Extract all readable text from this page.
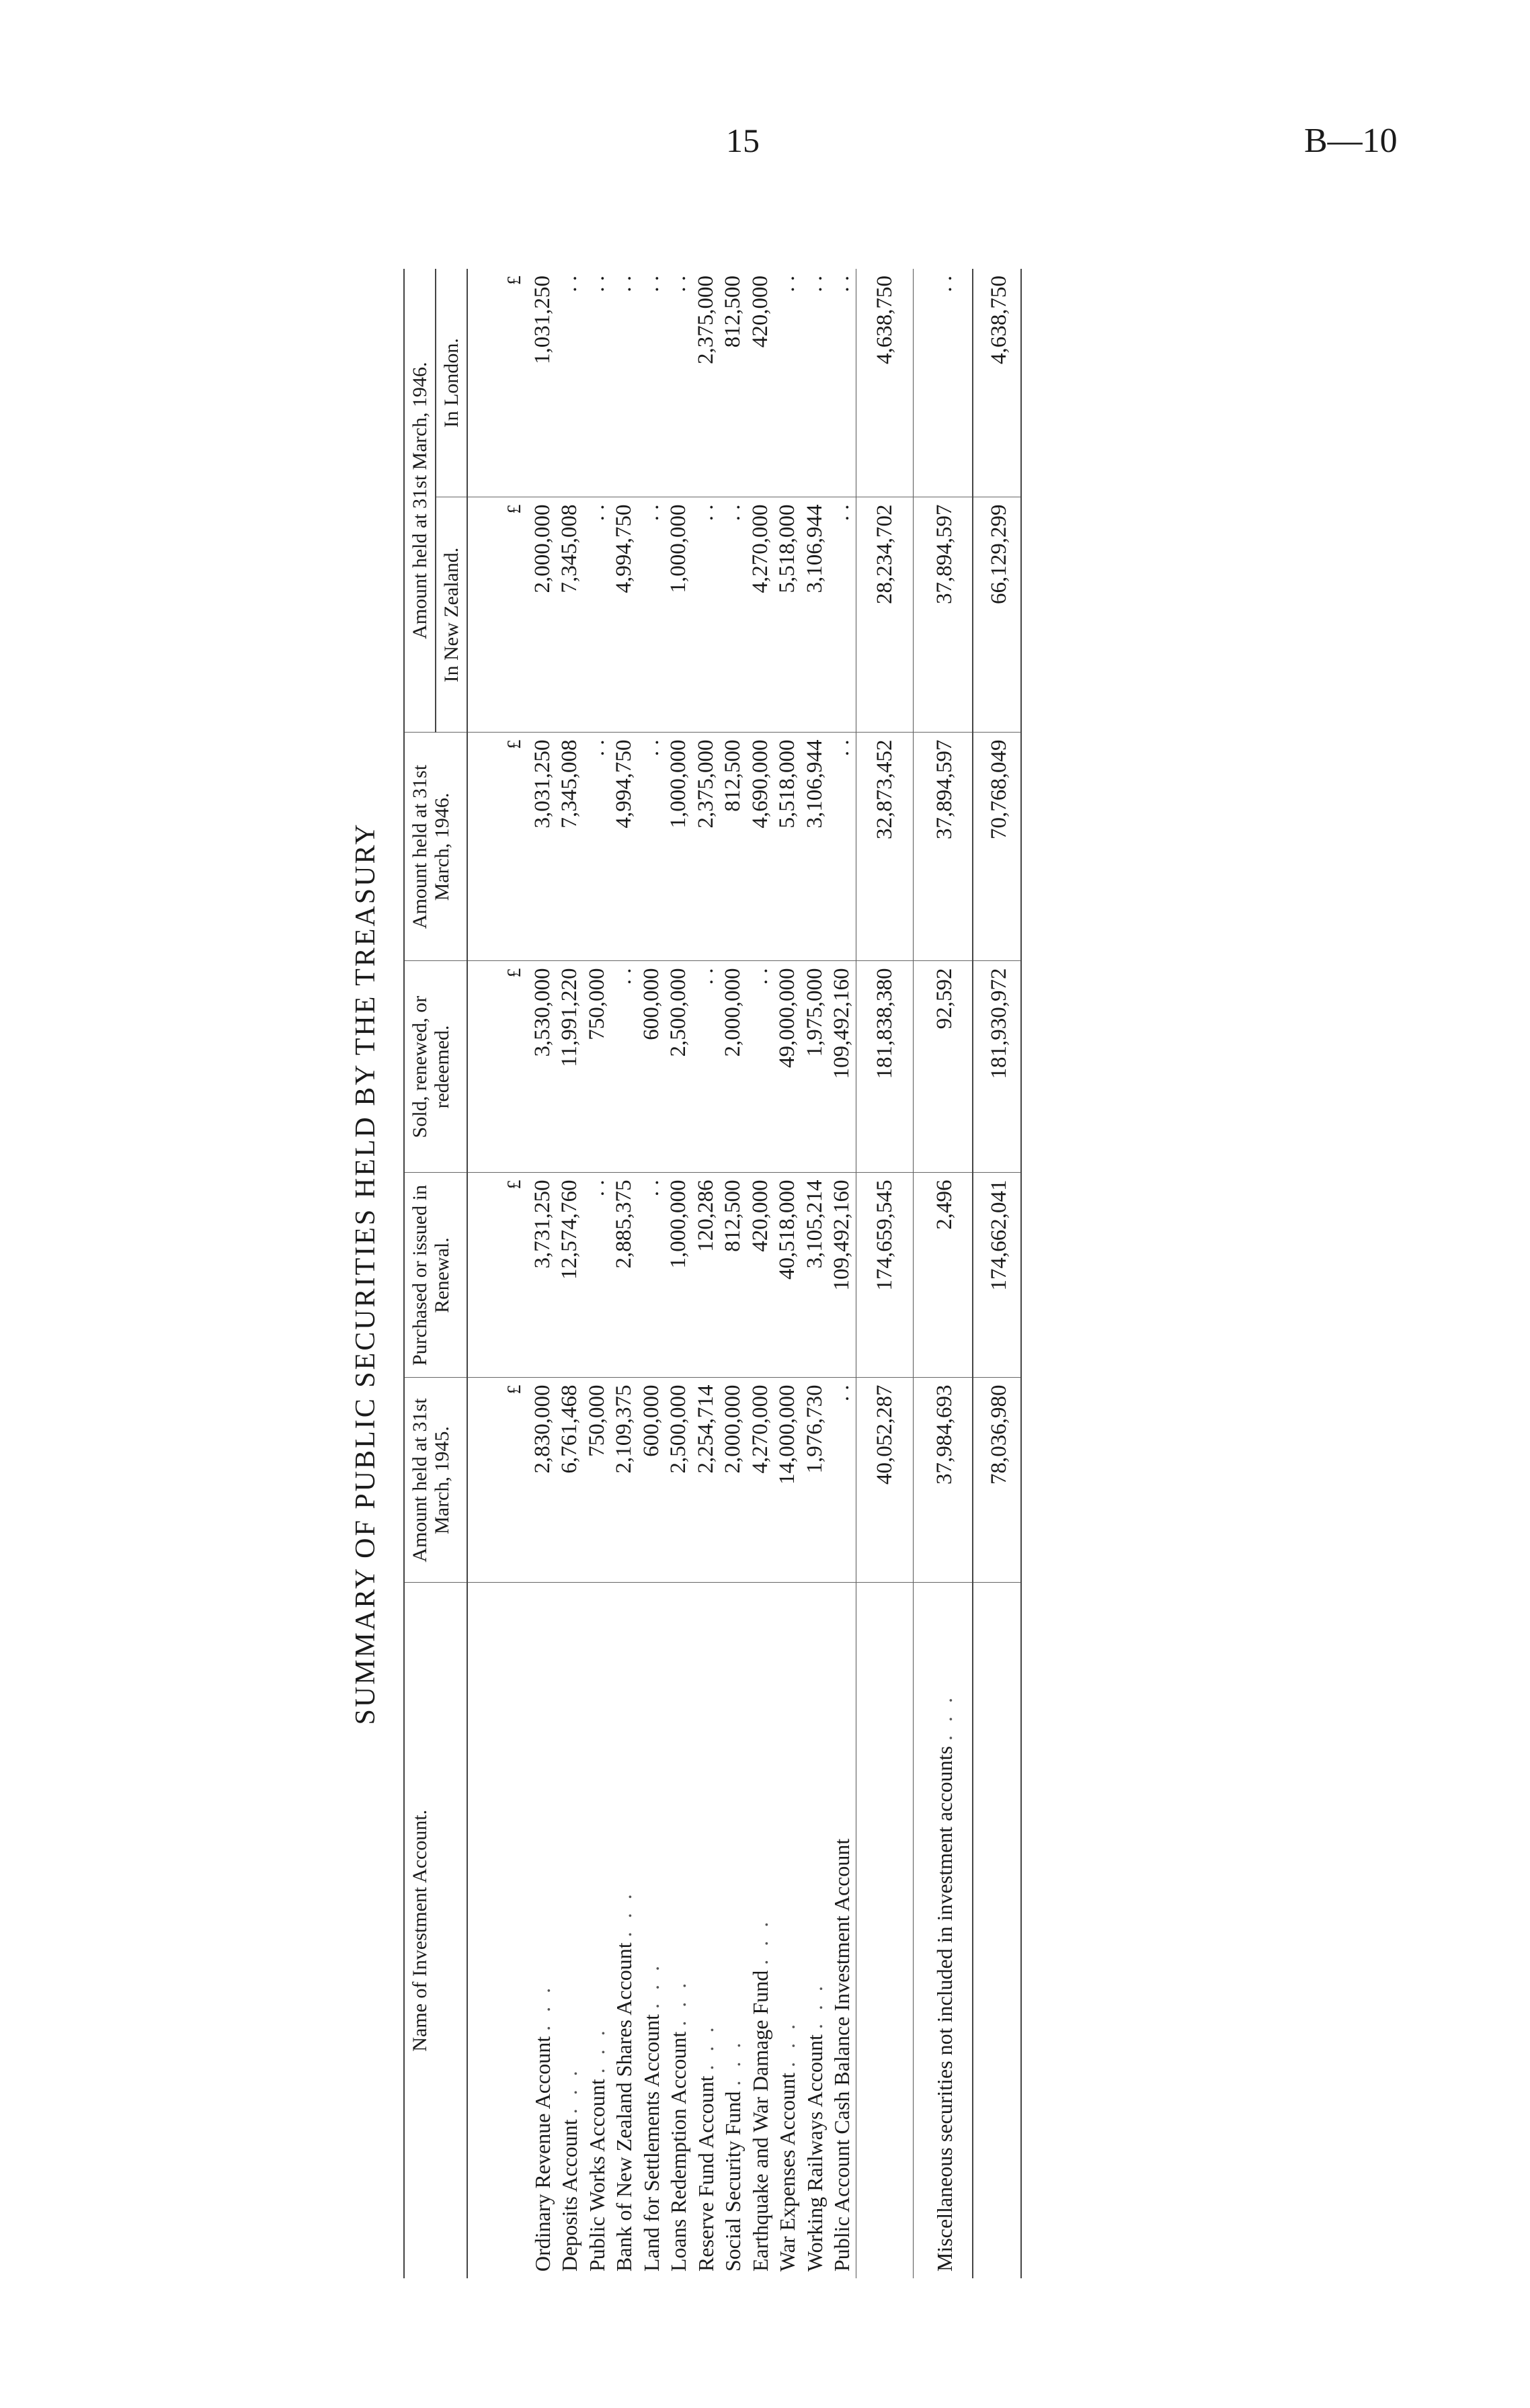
15	B—10
SUMMARY OF PUBLIC SECURITIES HELD BY THE TREASURY
Name of Investment Account.	Amount held at 31st March, 1945.	Purchased or issued in Renewal.	Sold, renewed, or redeemed.	Amount held at 31st March, 1946.	Amount held at 31st March, 1946.	
					In New Zealand.	In London.
	£	£	£	£	£	£
Ordinary Revenue Account . . .	2,830,000	3,731,250	3,530,000	3,031,250	2,000,000	1,031,250
Deposits Account . . .	6,761,468	12,574,760	11,991,220	7,345,008	7,345,008	. .
Public Works Account . . .	750,000	. .	750,000	. .	. .	. .
Bank of New Zealand Shares Account . . .	2,109,375	2,885,375	. .	4,994,750	4,994,750	. .
Land for Settlements Account . . .	600,000	. .	600,000	. .	. .	. .
Loans Redemption Account . . .	2,500,000	1,000,000	2,500,000	1,000,000	1,000,000	. .
Reserve Fund Account . . .	2,254,714	120,286	. .	2,375,000	. .	2,375,000
Social Security Fund . . .	2,000,000	812,500	2,000,000	812,500	. .	812,500
Earthquake and War Damage Fund . . .	4,270,000	420,000	. .	4,690,000	4,270,000	420,000
War Expenses Account . . .	14,000,000	40,518,000	49,000,000	5,518,000	5,518,000	. .
Working Railways Account . . .	1,976,730	3,105,214	1,975,000	3,106,944	3,106,944	. .
Public Account Cash Balance Investment Account	. .	109,492,160	109,492,160	. .	. .	. .
	40,052,287	174,659,545	181,838,380	32,873,452	28,234,702	4,638,750
Miscellaneous securities not included in investment accounts . . .	37,984,693	2,496	92,592	37,894,597	37,894,597	. .
	78,036,980	174,662,041	181,930,972	70,768,049	66,129,299	4,638,750
